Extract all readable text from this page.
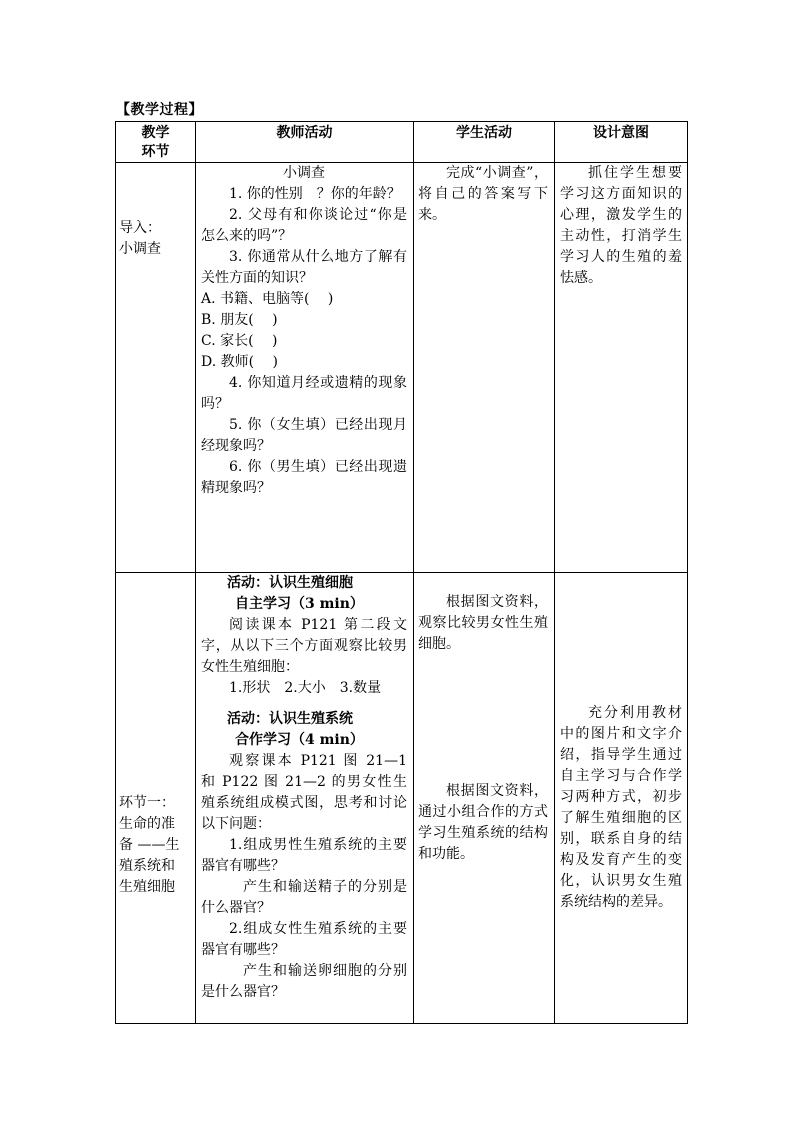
【教学过程】
教学
环节
教师活动	学生活动	设计意图
导入：
小调查

小调查

1. 你的性别　？你的年龄？

2. 父母有和你谈论过“你是怎么来的吗”？

3. 你通常从什么地方了解有关性方面的知识？

A. 书籍、电脑等(　 )

B. 朋友(　 )

C. 家长(　 )

D. 教师(　 )

4. 你知道月经或遗精的现象吗？

5. 你（女生填）已经出现月经现象吗？

6. 你（男生填）已经出现遗精现象吗？

完成“小调查”，将自己的答案写下来。
抓住学生想要学习这方面知识的心理，激发学生的主动性，打消学生学习人的生殖的羞怯感。
环节一：
生命的准
备 ——生
殖系统和
生殖细胞

活动：认识生殖细胞

自主学习（3 min）

阅读课本 P121 第二段文字，从以下三个方面观察比较男女性生殖细胞：

1.形状　2.大小　3.数量

活动：认识生殖系统

合作学习（4 min）

观察课本 P121 图 21—1 和 P122 图 21—2 的男女性生殖系统组成模式图，思考和讨论以下问题：

1.组成男性生殖系统的主要器官有哪些？

产生和输送精子的分别是什么器官？

2.组成女性生殖系统的主要器官有哪些？

产生和输送卵细胞的分别是什么器官？

根据图文资料，观察比较男女性生殖细胞。
根据图文资料，通过小组合作的方式学习生殖系统的结构和功能。
充分利用教材中的图片和文字介绍，指导学生通过自主学习与合作学习两种方式，初步了解生殖细胞的区别，联系自身的结构及发育产生的变化，认识男女生殖系统结构的差异。
